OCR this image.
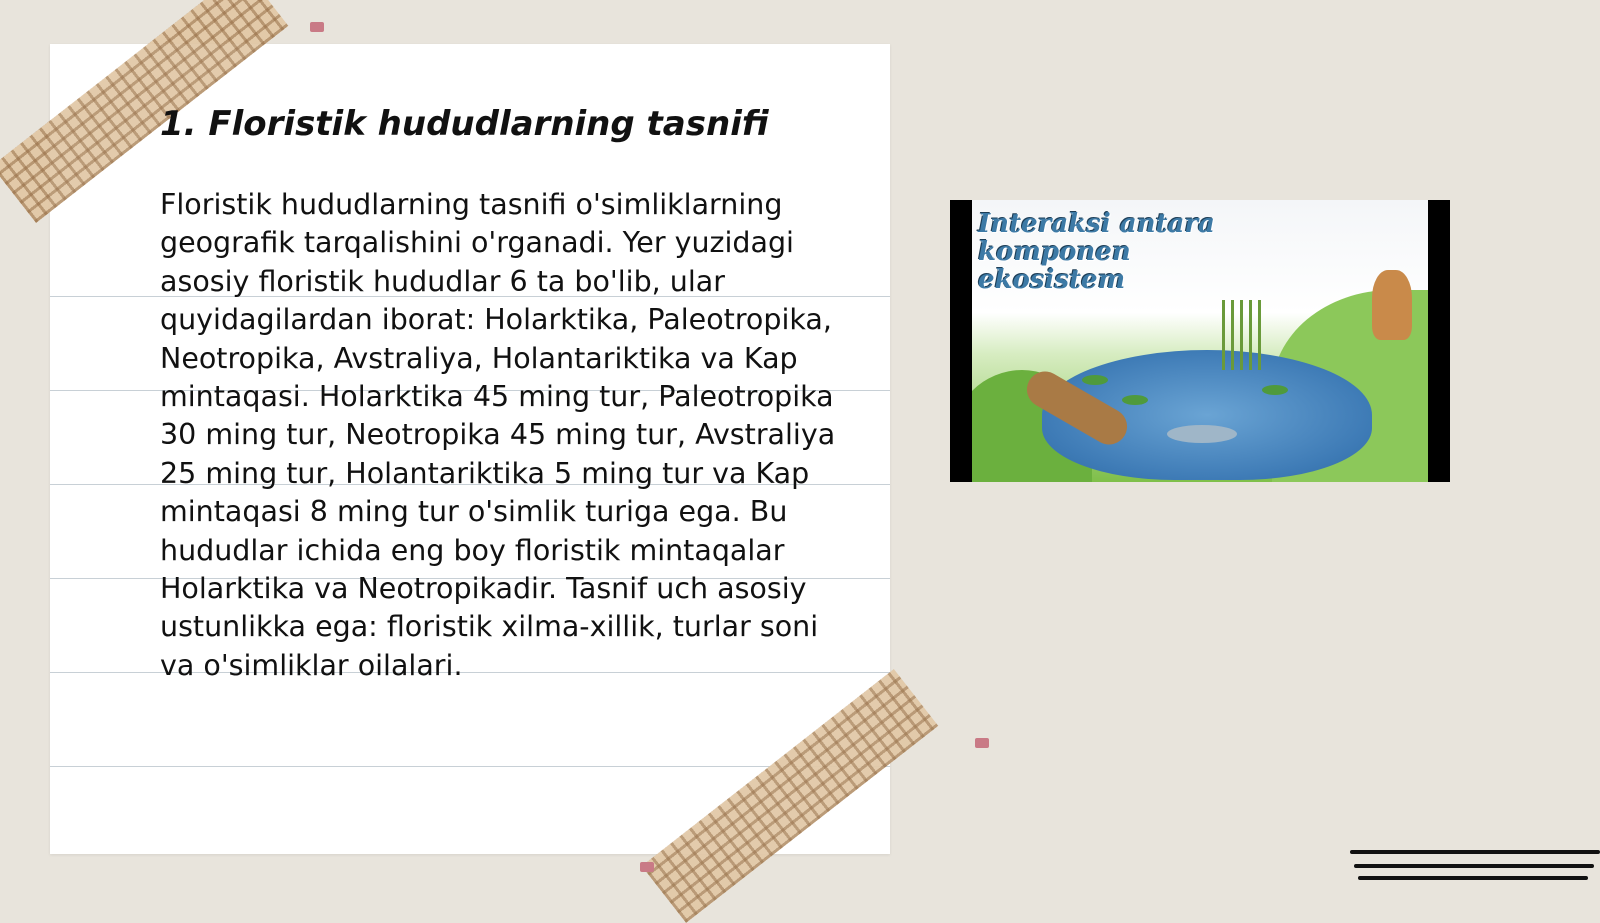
1. Floristik hududlarning tasnifi
Floristik hududlarning tasnifi o'simliklarning geografik tarqalishini o'rganadi. Yer yuzidagi asosiy floristik hududlar 6 ta bo'lib, ular quyidagilardan iborat: Holarktika, Paleotropika, Neotropika, Avstraliya, Holantariktika va Kap mintaqasi. Holarktika 45 ming tur, Paleotropika 30 ming tur, Neotropika 45 ming tur, Avstraliya 25 ming tur, Holantariktika 5 ming tur va Kap mintaqasi 8 ming tur o'simlik turiga ega. Bu hududlar ichida eng boy floristik mintaqalar Holarktika va Neotropikadir. Tasnif uch asosiy ustunlikka ega: floristik xilma-xillik, turlar soni va o'simliklar oilalari.
Interaksi antara
komponen
ekosistem
